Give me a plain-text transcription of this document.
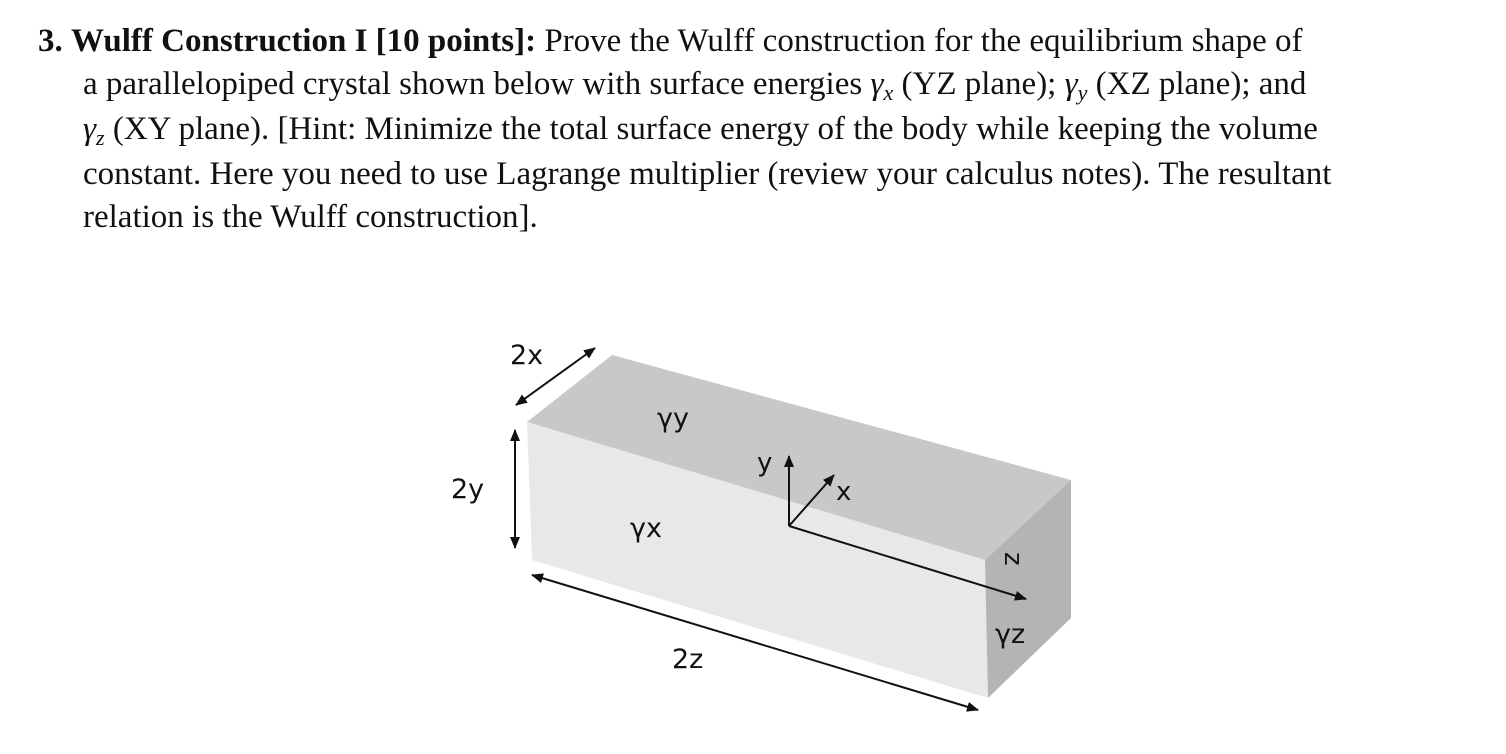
3. Wulff Construction I [10 points]: Prove the Wulff construction for the equilibrium shape of
a parallelopiped crystal shown below with surface energies γx (YZ plane); γy (XZ plane); and
γz (XY plane). [Hint: Minimize the total surface energy of the body while keeping the volume
constant. Here you need to use Lagrange multiplier (review your calculus notes). The resultant
relation is the Wulff construction].
2x
2y
2z
γy
γx
γz
y
x
z
